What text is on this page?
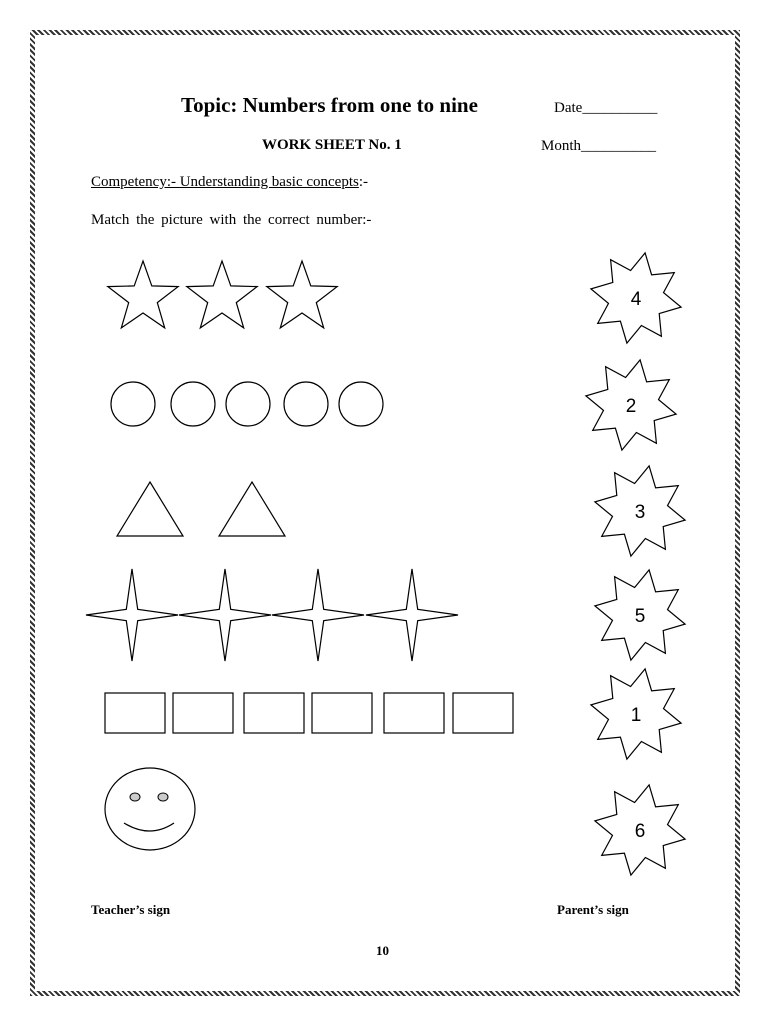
Topic: Numbers from one to nine	Date__________
WORK SHEET No. 1	Month__________
Competency:- Understanding basic concepts:-
Match the picture with the correct number:-
4
2
3
5
1
6
Teacher’s sign	Parent’s sign
10
